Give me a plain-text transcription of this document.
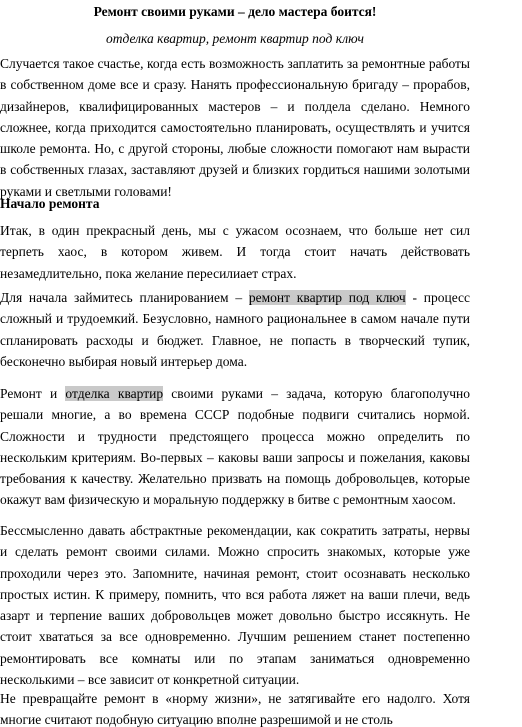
Ремонт своими руками – дело мастера боится!
отделка квартир, ремонт квартир под ключ

Случается такое счастье, когда есть возможность заплатить за ремонтные работы в собственном доме все и сразу. Нанять профессиональную бригаду – прорабов, дизайнеров, квалифицированных мастеров – и полдела сделано. Немного сложнее, когда приходится самостоятельно планировать, осуществлять и учится школе ремонта. Но, с другой стороны, любые сложности помогают нам вырасти в собственных глазах, заставляют друзей и близких гордиться нашими золотыми руками и светлыми головами!

Начало ремонта

Итак, в один прекрасный день, мы с ужасом осознаем, что больше нет сил терпеть хаос, в котором живем. И тогда стоит начать действовать незамедлительно, пока желание пересилиает страх.

Для начала займитесь планированием – ремонт квартир под ключ - процесс сложный и трудоемкий. Безусловно, намного рациональнее в самом начале пути спланировать расходы и бюджет. Главное, не попасть в творческий тупик, бесконечно выбирая новый интерьер дома.

Ремонт и отделка квартир своими руками – задача, которую благополучно решали многие, а во времена СССР подобные подвиги считались нормой. Сложности и трудности предстоящего процесса можно определить по нескольким критериям. Во-первых – каковы ваши запросы и пожелания, каковы требования к качеству. Желательно призвать на помощь добровольцев, которые окажут вам физическую и моральную поддержку в битве с ремонтным хаосом.

Бессмысленно давать абстрактные рекомендации, как сократить затраты, нервы и сделать ремонт своими силами. Можно спросить знакомых, которые уже проходили через это. Запомните, начиная ремонт, стоит осознавать несколько простых истин. К примеру, помнить, что вся работа ляжет на ваши плечи, ведь азарт и терпение ваших добровольцев может довольно быстро иссякнуть. Не стоит хвататься за все одновременно. Лучшим решением станет постепенно ремонтировать все комнаты или по этапам заниматься одновременно несколькими – все зависит от конкретной ситуации.

Не превращайте ремонт в «норму жизни», не затягивайте его надолго. Хотя многие считают подобную ситуацию вполне разрешимой и не столь
